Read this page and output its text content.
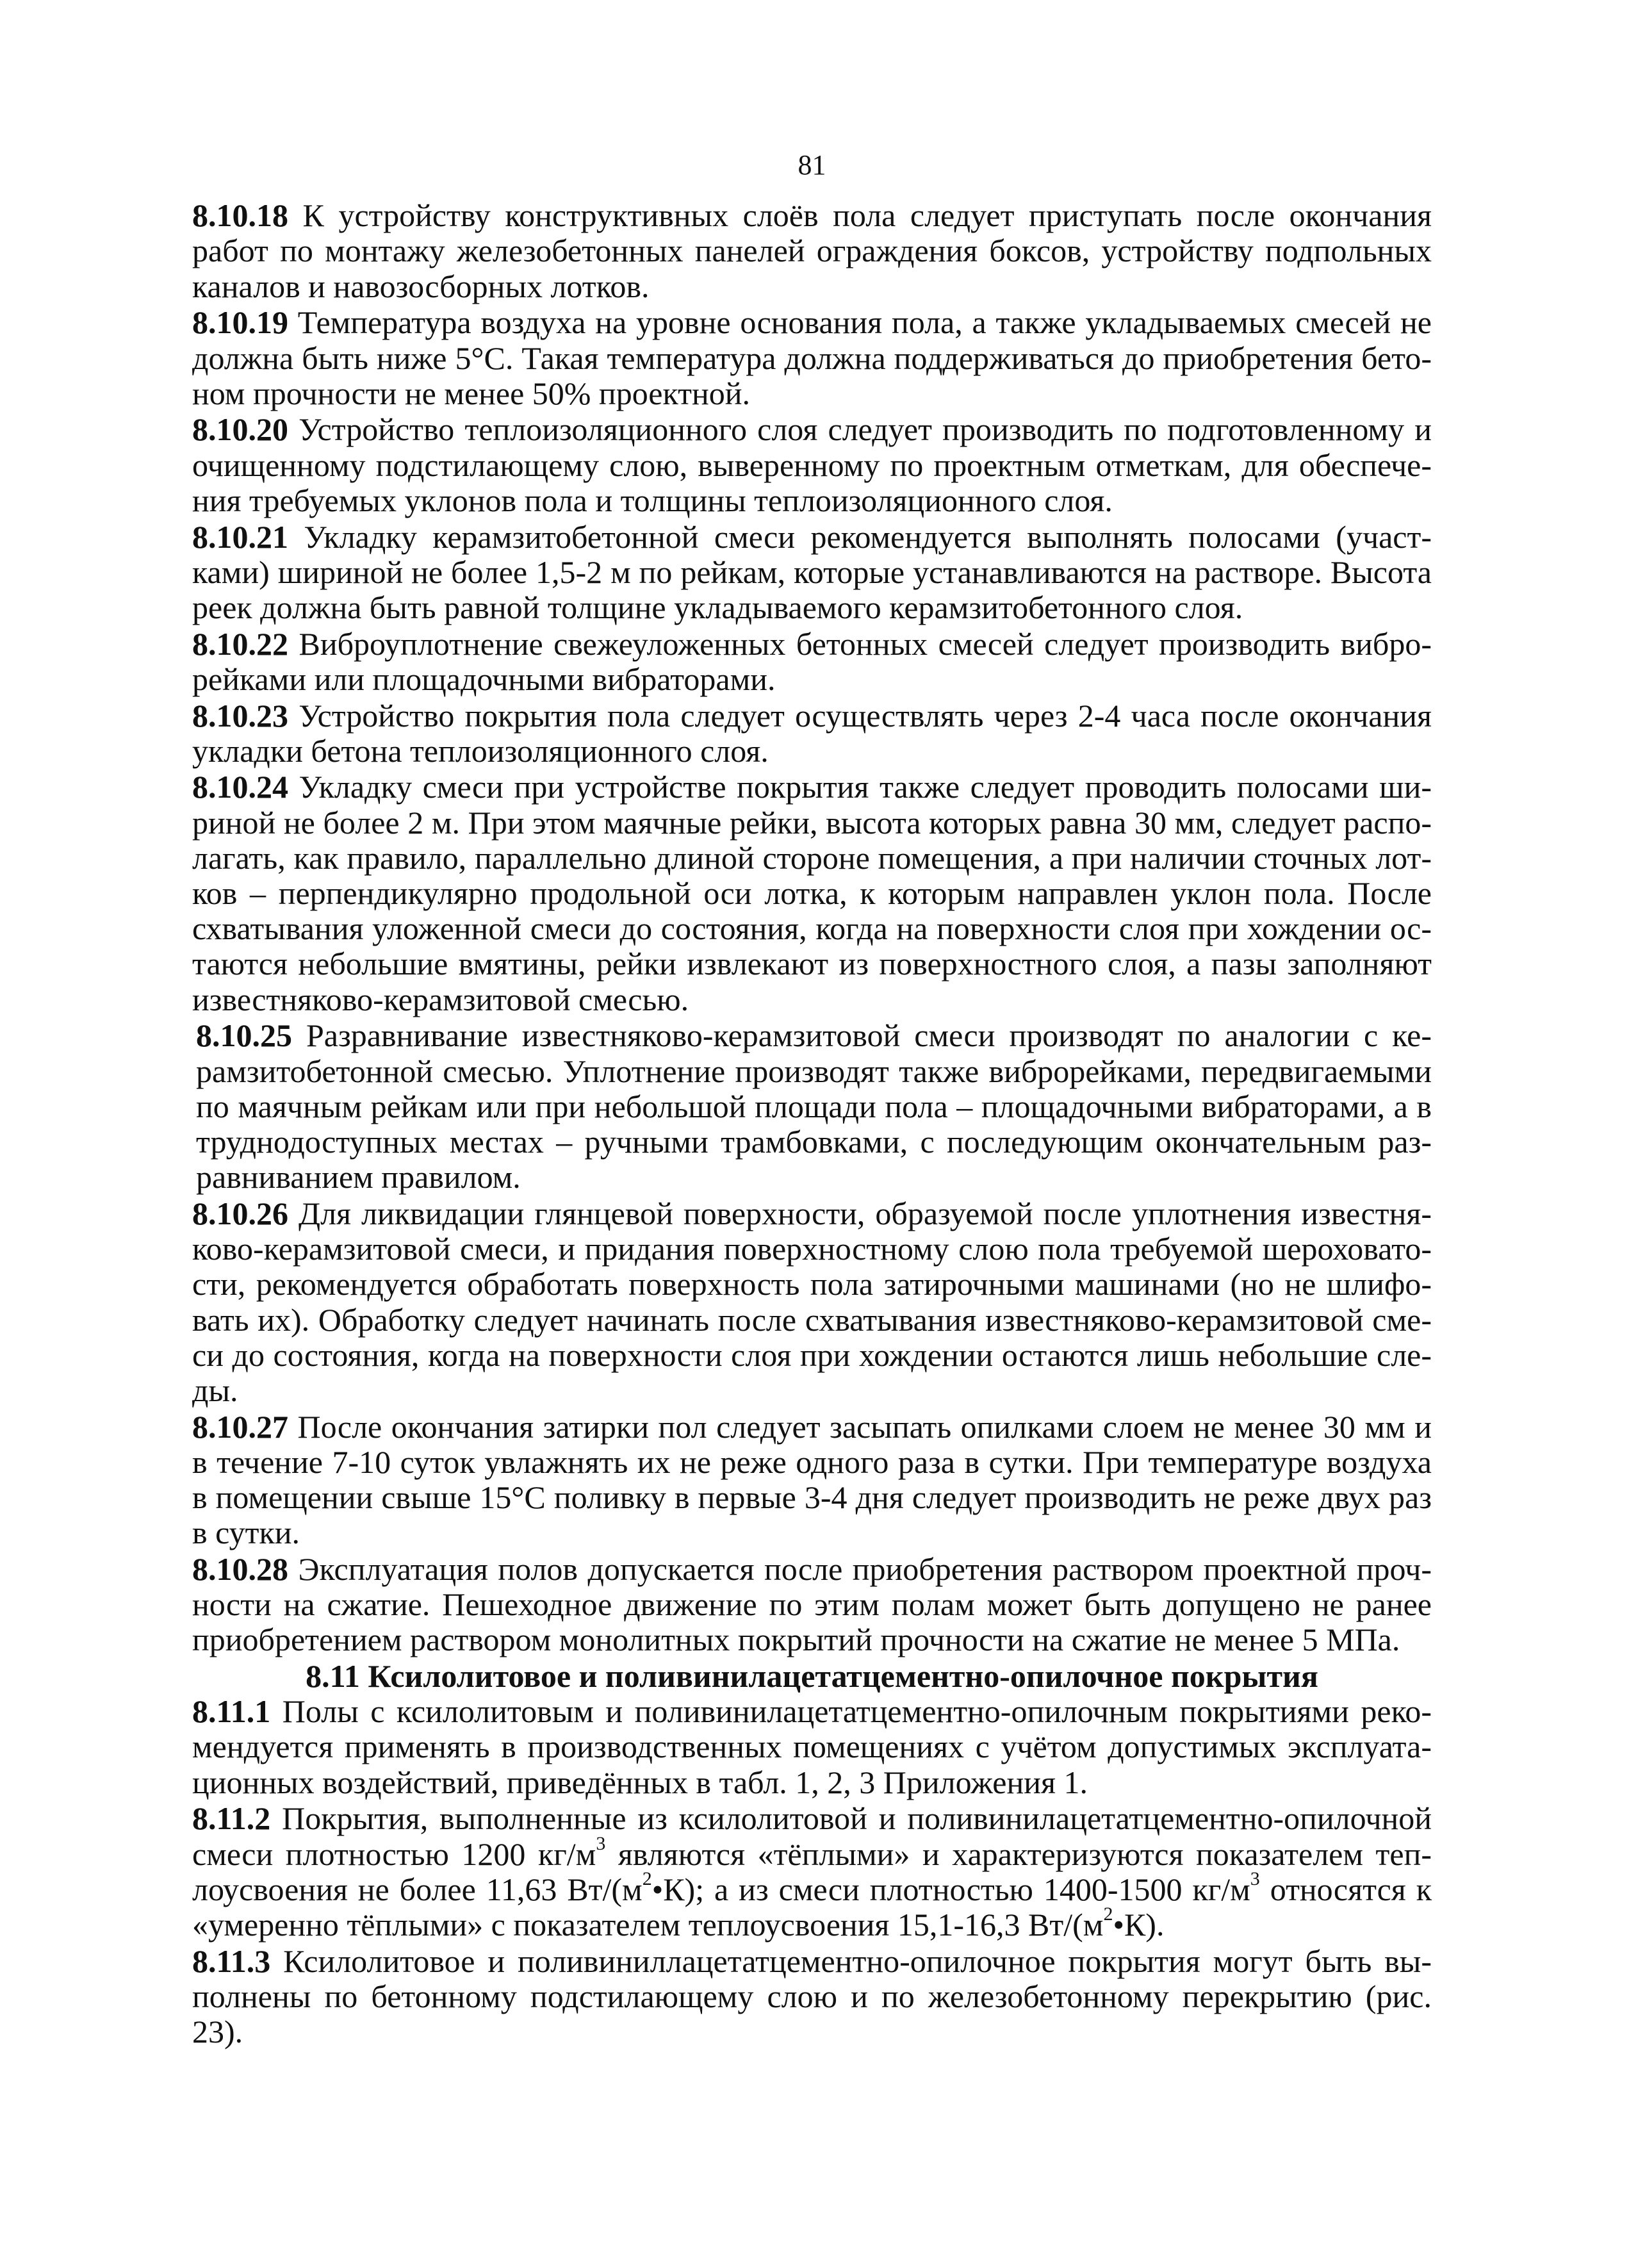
81

8.10.18 К устройству конструктивных слоёв пола следует приступать после окончания работ по монтажу железобетонных панелей ограждения боксов, устройству подпольных каналов и навозосборных лотков.

8.10.19 Температура воздуха на уровне основания пола, а также укладываемых смесей не должна быть ниже 5°С. Такая температура должна поддерживаться до приобретения бетоном прочности не менее 50% проектной.

8.10.20 Устройство теплоизоляционного слоя следует производить по подготовленному и очищенному подстилающему слою, выверенному по проектным отметкам, для обеспечения требуемых уклонов пола и толщины теплоизоляционного слоя.

8.10.21 Укладку керамзитобетонной смеси рекомендуется выполнять полосами (участками) шириной не более 1,5-2 м по рейкам, которые устанавливаются на растворе. Высота реек должна быть равной толщине укладываемого керамзитобетонного слоя.

8.10.22 Виброуплотнение свежеуложенных бетонных смесей следует производить виброрейками или площадочными вибраторами.

8.10.23 Устройство покрытия пола следует осуществлять через 2-4 часа после окончания укладки бетона теплоизоляционного слоя.

8.10.24 Укладку смеси при устройстве покрытия также следует проводить полосами шириной не более 2 м. При этом маячные рейки, высота которых равна 30 мм, следует располагать, как правило, параллельно длиной стороне помещения, а при наличии сточных лотков – перпендикулярно продольной оси лотка, к которым направлен уклон пола. После схватывания уложенной смеси до состояния, когда на поверхности слоя при хождении остаются небольшие вмятины, рейки извлекают из поверхностного слоя, а пазы заполняют известняково-керамзитовой смесью.

8.10.25 Разравнивание известняково-керамзитовой смеси производят по аналогии с керамзитобетонной смесью. Уплотнение производят также виброрейками, передвигаемыми по маячным рейкам или при небольшой площади пола – площадочными вибраторами, а в труднодоступных местах – ручными трамбовками, с последующим окончательным разравниванием правилом.

8.10.26 Для ликвидации глянцевой поверхности, образуемой после уплотнения известняково-керамзитовой смеси, и придания поверхностному слою пола требуемой шероховатости, рекомендуется обработать поверхность пола затирочными машинами (но не шлифовать их). Обработку следует начинать после схватывания известняково-керамзитовой смеси до состояния, когда на поверхности слоя при хождении остаются лишь небольшие следы.

8.10.27 После окончания затирки пол следует засыпать опилками слоем не менее 30 мм и в течение 7-10 суток увлажнять их не реже одного раза в сутки. При температуре воздуха в помещении свыше 15°С поливку в первые 3-4 дня следует производить не реже двух раз в сутки.

8.10.28 Эксплуатация полов допускается после приобретения раствором проектной прочности на сжатие. Пешеходное движение по этим полам может быть допущено не ранее приобретением раствором монолитных покрытий прочности на сжатие не менее 5 МПа.

8.11 Ксилолитовое и поливинилацетатцементно-опилочное покрытия

8.11.1 Полы с ксилолитовым и поливинилацетатцементно-опилочным покрытиями рекомендуется применять в производственных помещениях с учётом допустимых эксплуатационных воздействий, приведённых в табл. 1, 2, 3 Приложения 1.

8.11.2 Покрытия, выполненные из ксилолитовой и поливинилацетатцементно-опилочной смеси плотностью 1200 $кг/м^3$ являются «тёплыми» и характеризуются показателем теплоусвоения не более 11,63 $Вт/(м^2•К)$; а из смеси плотностью 1400-1500 $кг/м^3$ относятся к «умеренно тёплыми» с показателем теплоусвоения 15,1-16,3 $Вт/(м^2•К)$.

8.11.3 Ксилолитовое и поливиниллацетатцементно-опилочное покрытия могут быть выполнены по бетонному подстилающему слою и по железобетонному перекрытию (рис. 23).
